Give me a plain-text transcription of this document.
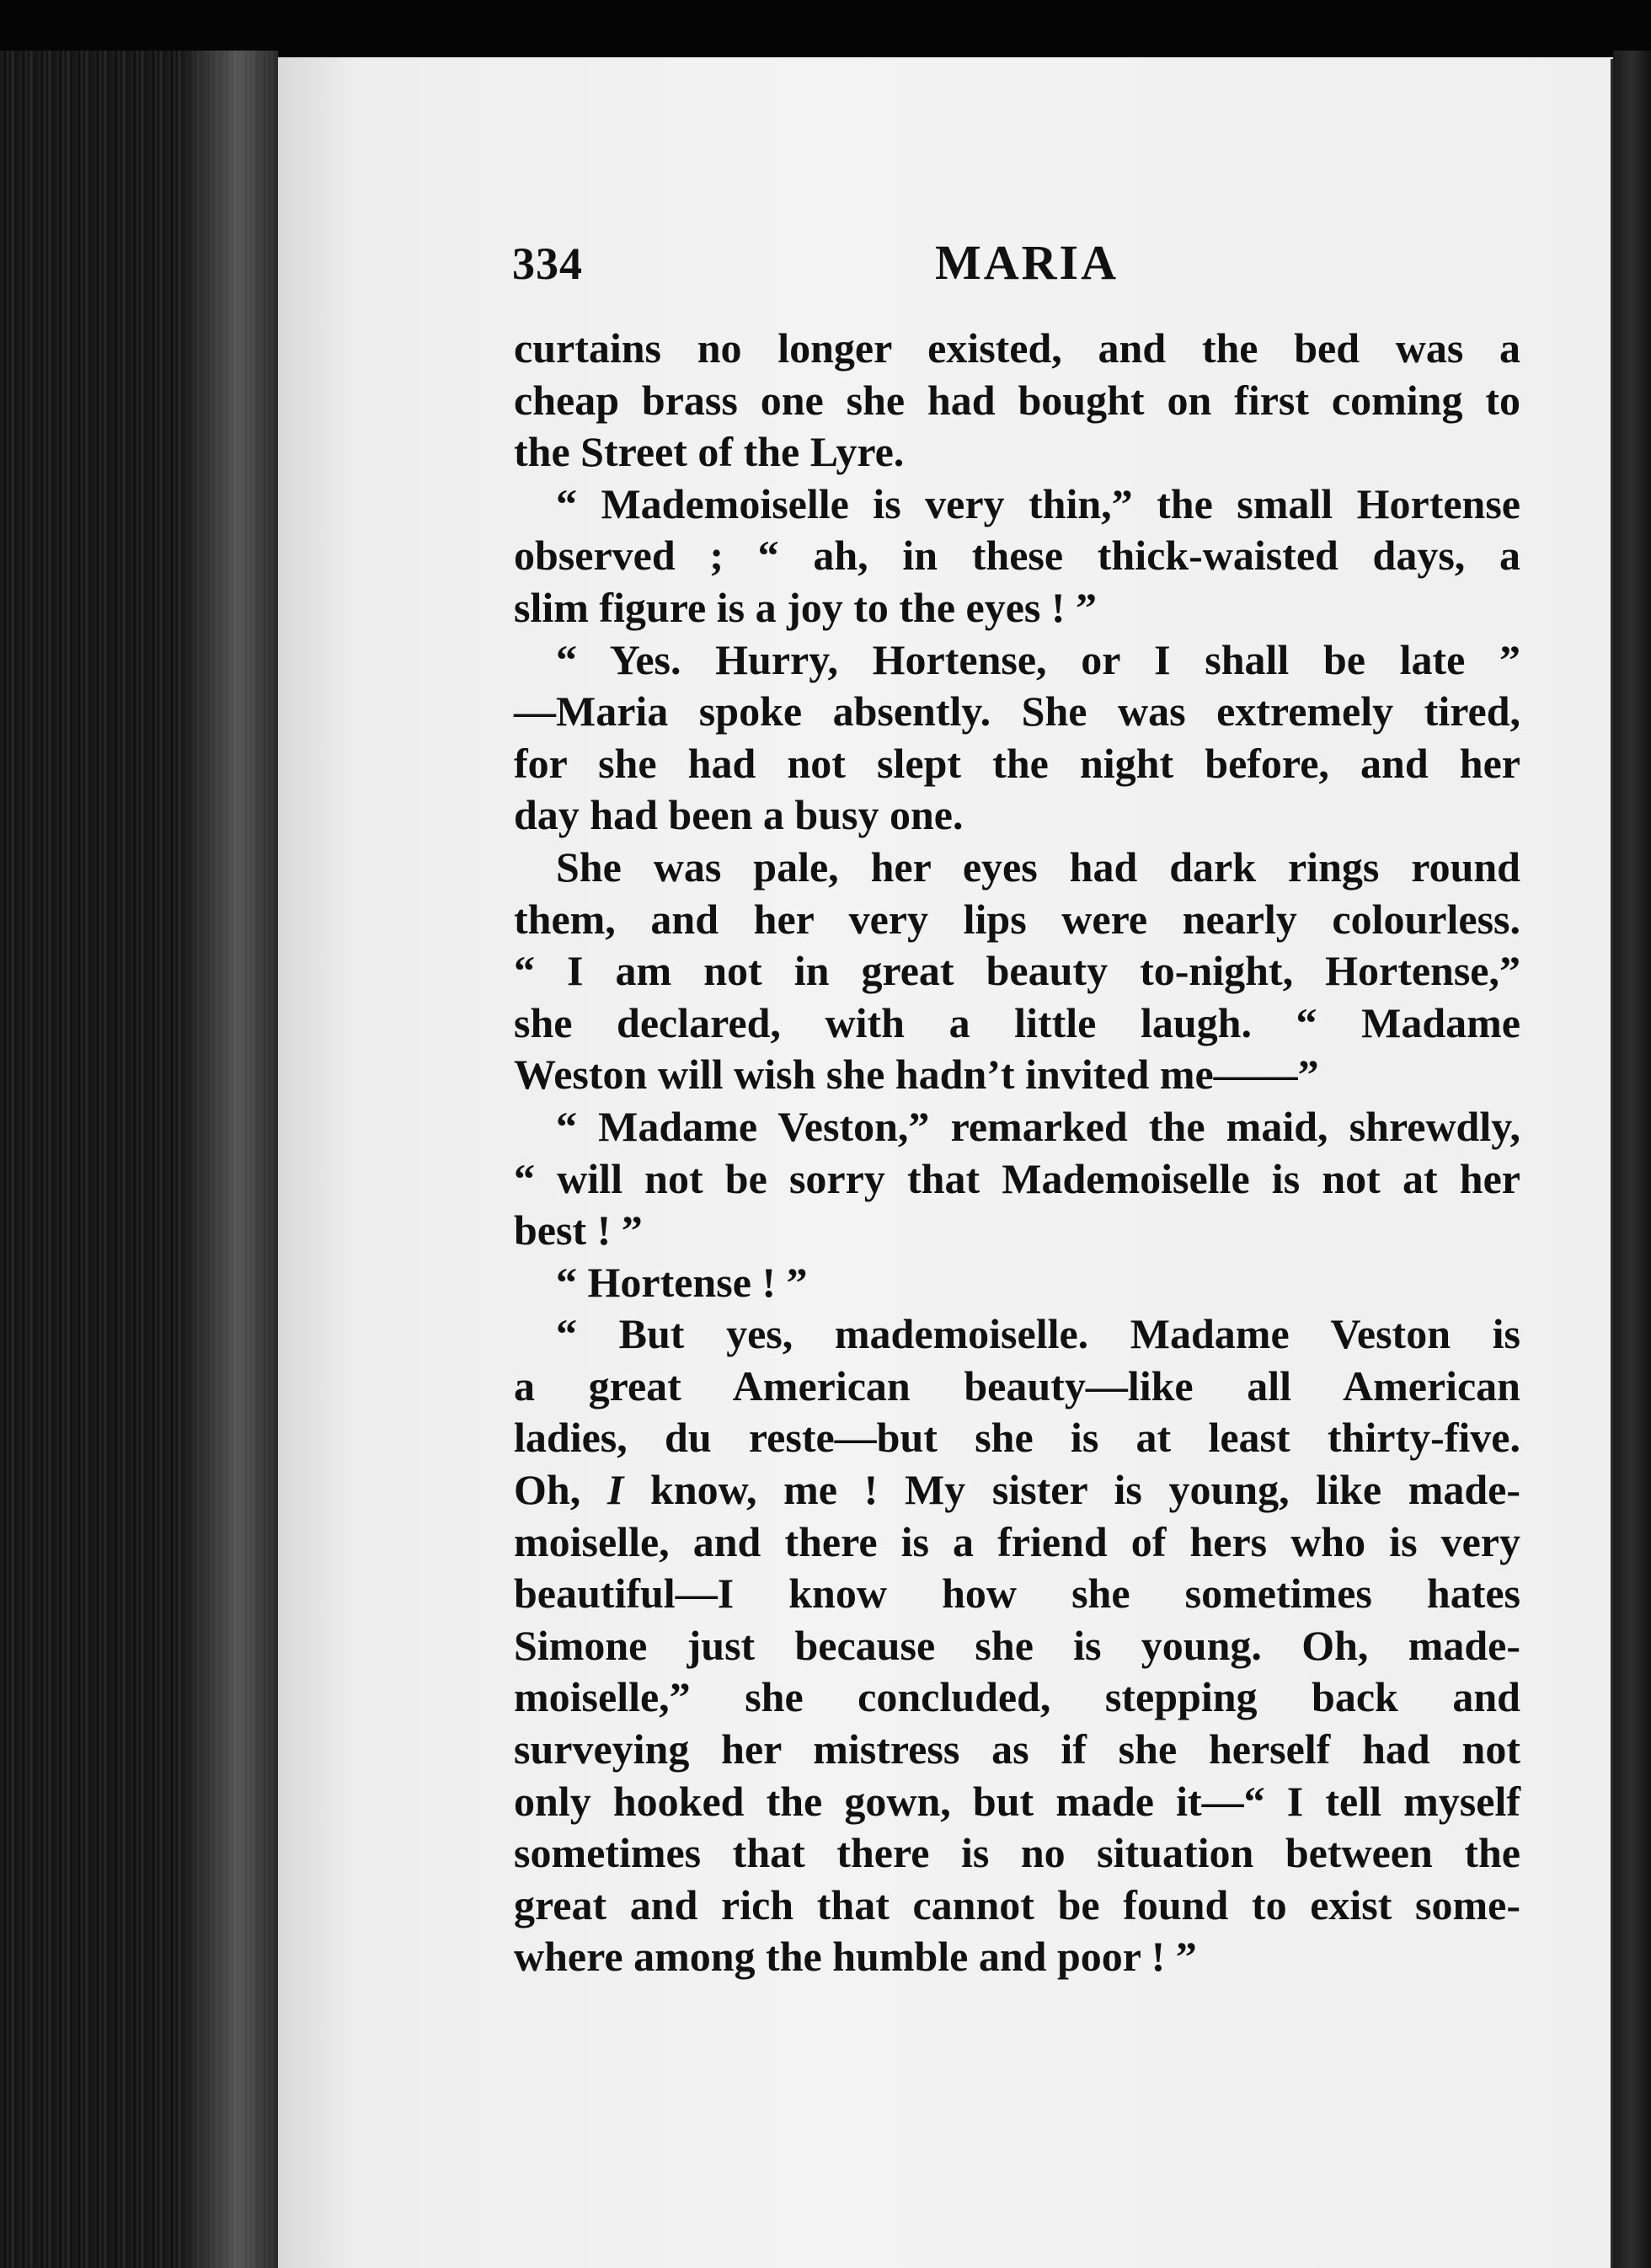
334	MARIA
curtains no longer existed, and the bed was a
cheap brass one she had bought on first coming to
the Street of the Lyre.
“ Mademoiselle is very thin,” the small Hortense
observed ; “ ah, in these thick-waisted days, a
slim figure is a joy to the eyes ! ”
“ Yes. Hurry, Hortense, or I shall be late ”
—Maria spoke absently. She was extremely tired,
for she had not slept the night before, and her
day had been a busy one.
She was pale, her eyes had dark rings round
them, and her very lips were nearly colourless.
“ I am not in great beauty to-night, Hortense,”
she declared, with a little laugh. “ Madame
Weston will wish she hadn’t invited me——”
“ Madame Veston,” remarked the maid, shrewdly,
“ will not be sorry that Mademoiselle is not at her
best ! ”
“ Hortense ! ”
“ But yes, mademoiselle. Madame Veston is
a great American beauty—like all American
ladies, du reste—but she is at least thirty-five.
Oh, I know, me ! My sister is young, like made-
moiselle, and there is a friend of hers who is very
beautiful—I know how she sometimes hates
Simone just because she is young. Oh, made-
moiselle,” she concluded, stepping back and
surveying her mistress as if she herself had not
only hooked the gown, but made it—“ I tell myself
sometimes that there is no situation between the
great and rich that cannot be found to exist some-
where among the humble and poor ! ”
